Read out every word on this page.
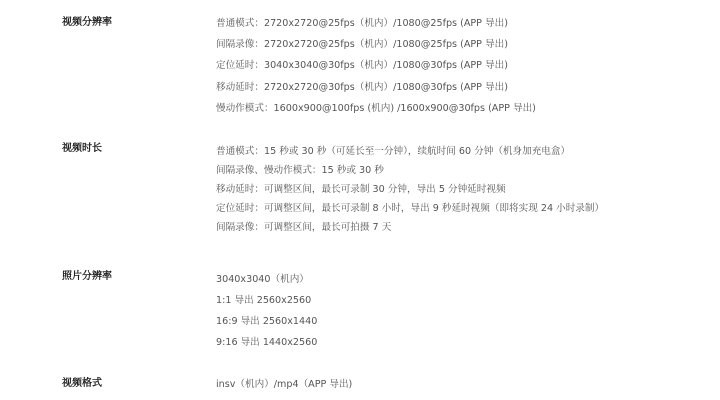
视频分辨率	普通模式：2720x2720@25fps（机内）/1080@25fps (APP 导出)
间隔录像：2720x2720@25fps（机内）/1080@25fps (APP 导出)
定位延时：3040x3040@30fps（机内）/1080@30fps (APP 导出)
移动延时：2720x2720@30fps（机内）/1080@30fps (APP 导出)
慢动作模式：1600x900@100fps (机内) /1600x900@30fps (APP 导出)
视频时长	普通模式：15 秒或 30 秒（可延长至一分钟），续航时间 60 分钟（机身加充电盒）
间隔录像、慢动作模式：15 秒或 30 秒
移动延时：可调整区间，最长可录制 30 分钟，导出 5 分钟延时视频
定位延时：可调整区间，最长可录制 8 小时，导出 9 秒延时视频（即将实现 24 小时录制）
间隔录像：可调整区间，最长可拍摄 7 天
照片分辨率	3040x3040（机内）
1:1 导出 2560x2560
16:9 导出 2560x1440
9:16 导出 1440x2560
视频格式	insv（机内）/mp4（APP 导出)
